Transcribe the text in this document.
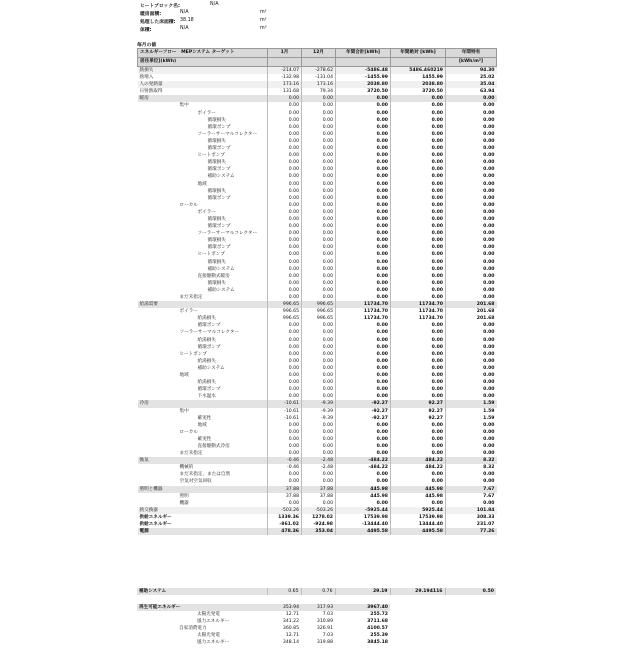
ヒートブロック名:	N/A
暖房面積:	N/A	m²
処理した床面積: 38.18	m²
体積:	N/A	m³
毎月の値
エネルギーフロー　MEPシステム ターゲット	1月	12月	年間合計[kWh]	年間絶対 [kWh]	年間特有
居住単位](kWh)					[kWh/m²]
熱損失	-214.07	-278.62	-5486.48	5486.460219	94.30
熱増入	-132.98	-131.04	-1455.99	1455.99	25.02
人の発熱量	173.16	173.16	2038.80	2038.80	35.04
日射熱取得	131.68	79.34	3720.50	3720.50	63.94
暖房	0.00	0.00	0.00	0.00	0.00
集中	0.00	0.00	0.00	0.00	0.00
ボイラー	0.00	0.00	0.00	0.00	0.00
循環損失	0.00	0.00	0.00	0.00	0.00
循環ポンプ	0.00	0.00	0.00	0.00	0.00
ソーラーサーマルコレクター	0.00	0.00	0.00	0.00	0.00
循環損失	0.00	0.00	0.00	0.00	0.00
循環ポンプ	0.00	0.00	0.00	0.00	0.00
ヒートポンプ	0.00	0.00	0.00	0.00	0.00
循環損失	0.00	0.00	0.00	0.00	0.00
循環ポンプ	0.00	0.00	0.00	0.00	0.00
補助システム	0.00	0.00	0.00	0.00	0.00
地域	0.00	0.00	0.00	0.00	0.00
循環損失	0.00	0.00	0.00	0.00	0.00
循環ポンプ	0.00	0.00	0.00	0.00	0.00
ローカル	0.00	0.00	0.00	0.00	0.00
ボイラー	0.00	0.00	0.00	0.00	0.00
循環損失	0.00	0.00	0.00	0.00	0.00
循環ポンプ	0.00	0.00	0.00	0.00	0.00
ソーラーサーマルコレクター	0.00	0.00	0.00	0.00	0.00
循環損失	0.00	0.00	0.00	0.00	0.00
循環ポンプ	0.00	0.00	0.00	0.00	0.00
ヒートポンプ	0.00	0.00	0.00	0.00	0.00
循環損失	0.00	0.00	0.00	0.00	0.00
補助システム	0.00	0.00	0.00	0.00	0.00
直接駆動式暖房	0.00	0.00	0.00	0.00	0.00
循環損失	0.00	0.00	0.00	0.00	0.00
補助システム	0.00	0.00	0.00	0.00	0.00
まだ未指定	0.00	0.00	0.00	0.00	0.00
給湯需要	996.65	996.65	11734.70	11734.70	201.68
ボイラー	996.65	996.65	11734.70	11734.70	201.68
給湯損失	996.65	996.65	11734.70	11734.70	201.68
循環ポンプ	0.00	0.00	0.00	0.00	0.00
ソーラーサーマルコレクター	0.00	0.00	0.00	0.00	0.00
給湯損失	0.00	0.00	0.00	0.00	0.00
循環ポンプ	0.00	0.00	0.00	0.00	0.00
ヒートポンプ	0.00	0.00	0.00	0.00	0.00
給湯損失	0.00	0.00	0.00	0.00	0.00
補助システム	0.00	0.00	0.00	0.00	0.00
地域	0.00	0.00	0.00	0.00	0.00
給湯損失	0.00	0.00	0.00	0.00	0.00
循環ポンプ	0.00	0.00	0.00	0.00	0.00
下水温水	0.00	0.00	0.00	0.00	0.00
冷房	-10.61	-9.39	-92.27	92.27	1.59
集中	-10.61	-9.39	-92.27	92.27	1.59
確実性	-10.61	-9.39	-92.27	92.27	1.59
地域	0.00	0.00	0.00	0.00	0.00
ローカル	0.00	0.00	0.00	0.00	0.00
確実性	0.00	0.00	0.00	0.00	0.00
直接駆動式冷房	0.00	0.00	0.00	0.00	0.00
まだ未指定	0.00	0.00	0.00	0.00	0.00
換気	-0.46	-2.48	-484.22	484.22	8.32
機械的	-0.46	-2.48	-484.22	484.22	8.32
まだ未指定、または自然	0.00	0.00	0.00	0.00	0.00
空気対空気回収	0.00	0.00	0.00	0.00	0.00
照明と機器	37.88	37.88	445.98	445.98	7.67
照明	37.88	37.88	445.98	445.98	7.67
機器	0.00	0.00	0.00	0.00	0.00
熱交換器	-503.26	-503.26	-5925.44	5925.44	101.84
供給エネルギー	1339.36	1278.02	17539.98	17539.98	308.33
供給エネルギー	-861.02	-924.98	-13444.40	13444.40	231.07
電源	478.36	353.04	4495.58	4495.58	77.26
補助システム	0.65	0.76	29.19	29.194116	0.50
再生可能エネルギー	353.94	317.93	3967.40
太陽光発電	12.71	7.03	255.72
風力エネルギー	341.22	310.89	3711.68
自家消費電力	360.85	326.91	4100.57
太陽光発電	12.71	7.03	255.39
風力エネルギー	348.14	319.88	3845.18
